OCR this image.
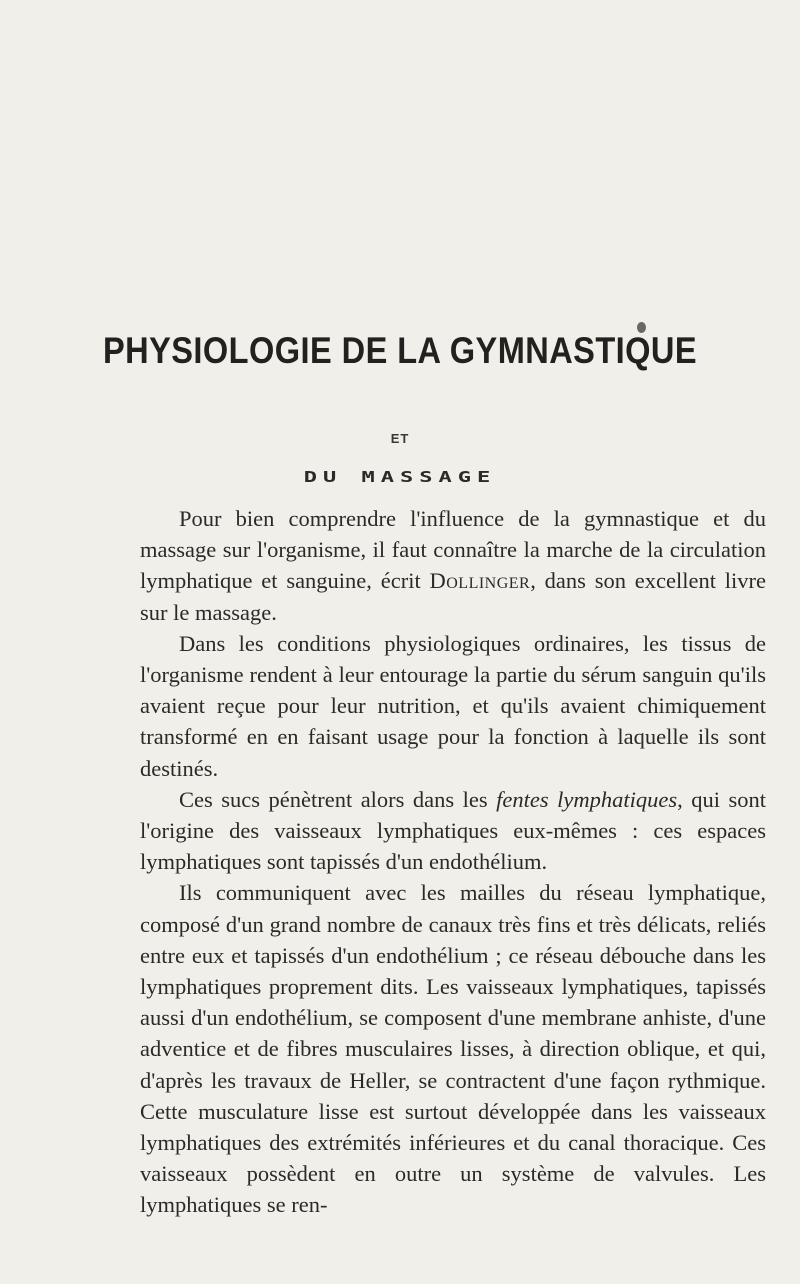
PHYSIOLOGIE DE LA GYMNASTIQUE
ET
DU MASSAGE

Pour bien comprendre l'influence de la gymnastique et du massage sur l'organisme, il faut connaître la marche de la circulation lymphatique et sanguine, écrit Dollinger, dans son excellent livre sur le massage.

Dans les conditions physiologiques ordinaires, les tissus de l'organisme rendent à leur entourage la partie du sérum sanguin qu'ils avaient reçue pour leur nutrition, et qu'ils avaient chimiquement transformé en en faisant usage pour la fonction à laquelle ils sont destinés.

Ces sucs pénètrent alors dans les fentes lymphatiques, qui sont l'origine des vaisseaux lymphatiques eux-mêmes : ces espaces lymphatiques sont tapissés d'un endothélium.

Ils communiquent avec les mailles du réseau lymphatique, composé d'un grand nombre de canaux très fins et très délicats, reliés entre eux et tapissés d'un endothélium ; ce réseau débouche dans les lymphatiques proprement dits. Les vaisseaux lymphatiques, tapissés aussi d'un endothélium, se composent d'une membrane anhiste, d'une adventice et de fibres musculaires lisses, à direction oblique, et qui, d'après les travaux de Heller, se contractent d'une façon rythmique. Cette musculature lisse est surtout développée dans les vaisseaux lymphatiques des extrémités inférieures et du canal thoracique. Ces vaisseaux possèdent en outre un système de valvules. Les lymphatiques se ren-
